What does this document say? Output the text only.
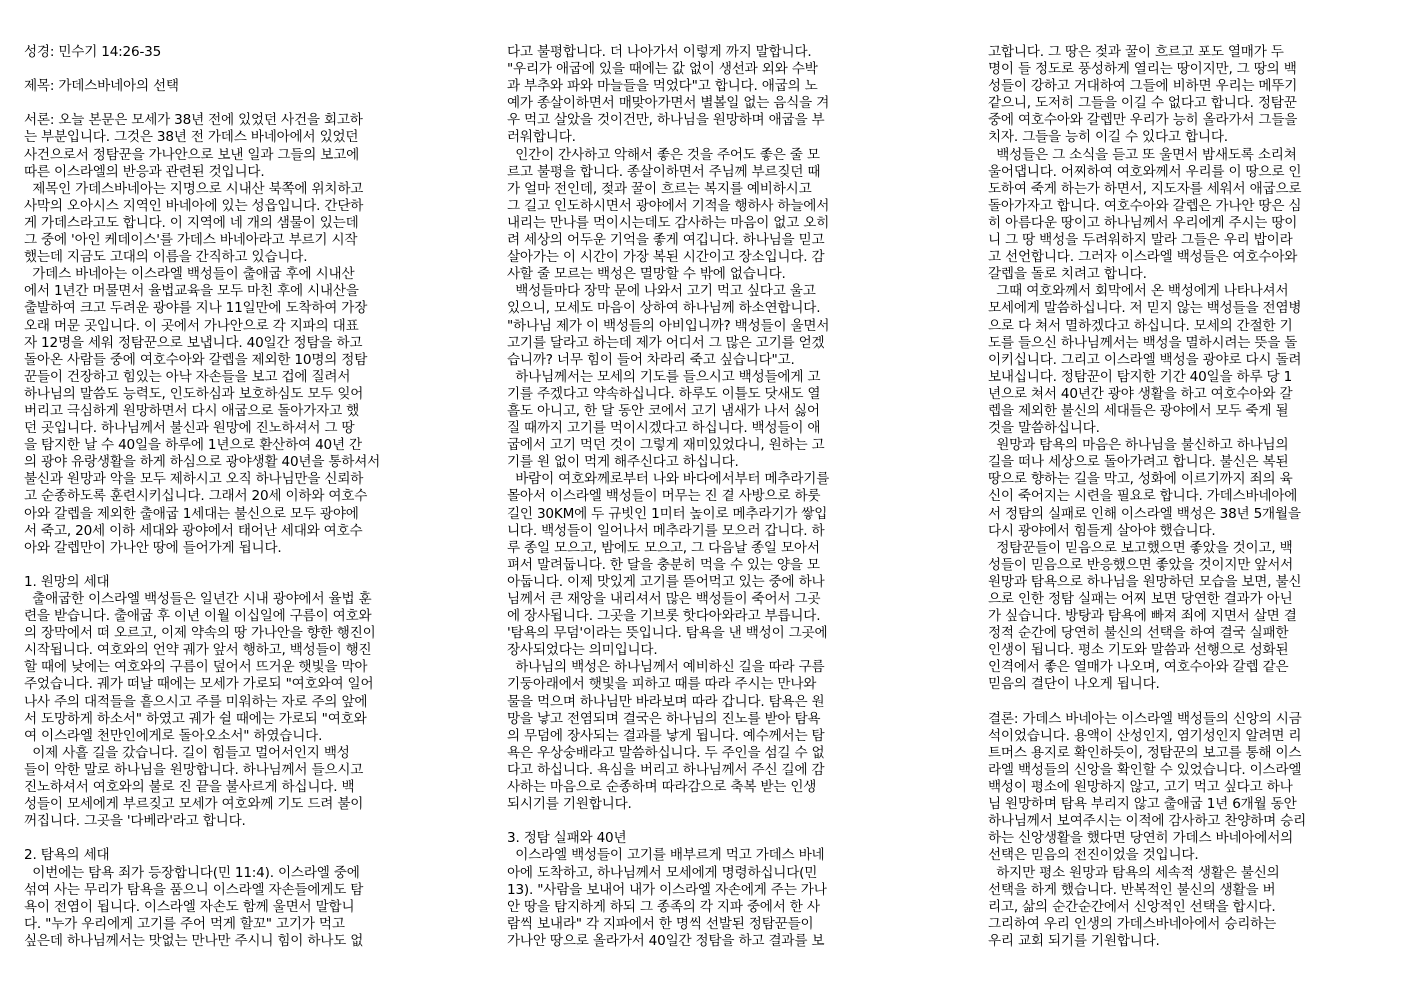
성경: 민수기 14:26-35
제목: 가데스바네아의 선택
서론: 오늘 본문은 모세가 38년 전에 있었던 사건을 회고하
는 부분입니다. 그것은 38년 전 가데스 바네아에서 있었던
사건으로서 정탐꾼을 가나안으로 보낸 일과 그들의 보고에
따른 이스라엘의 반응과 관련된 것입니다.
제목인 가데스바네아는 지명으로 시내산 북쪽에 위치하고
사막의 오아시스 지역인 바네아에 있는 성읍입니다. 간단하
게 가데스라고도 합니다. 이 지역에 네 개의 샘물이 있는데
그 중에 '아인 케데이스'를 가데스 바네아라고 부르기 시작
했는데 지금도 고대의 이름을 간직하고 있습니다.
가데스 바네아는 이스라엘 백성들이 출애굽 후에 시내산
에서 1년간 머물면서 율법교육을 모두 마친 후에 시내산을
출발하여 크고 두려운 광야를 지나 11일만에 도착하여 가장
오래 머문 곳입니다. 이 곳에서 가나안으로 각 지파의 대표
자 12명을 세워 정탐꾼으로 보냅니다. 40일간 정탐을 하고
돌아온 사람들 중에 여호수아와 갈렙을 제외한 10명의 정탐
꾼들이 건장하고 힘있는 아낙 자손들을 보고 겁에 질려서
하나님의 말씀도 능력도, 인도하심과 보호하심도 모두 잊어
버리고 극심하게 원망하면서 다시 애굽으로 돌아가자고 했
던 곳입니다. 하나님께서 불신과 원망에 진노하셔서 그 땅
을 탐지한 날 수 40일을 하루에 1년으로 환산하여 40년 간
의 광야 유랑생활을 하게 하심으로 광야생활 40년을 통하셔서
불신과 원망과 악을 모두 제하시고 오직 하나님만을 신뢰하
고 순종하도록 훈련시키십니다. 그래서 20세 이하와 여호수
아와 갈렙을 제외한 출애굽 1세대는 불신으로 모두 광야에
서 죽고, 20세 이하 세대와 광야에서 태어난 세대와 여호수
아와 갈렙만이 가나안 땅에 들어가게 됩니다.
1. 원망의 세대
출애굽한 이스라엘 백성들은 일년간 시내 광야에서 율법 훈
련을 받습니다. 출애굽 후 이년 이월 이십일에 구름이 여호와
의 장막에서 떠 오르고, 이제 약속의 땅 가나안을 향한 행진이
시작됩니다. 여호와의 언약 궤가 앞서 행하고, 백성들이 행진
할 때에 낮에는 여호와의 구름이 덮어서 뜨거운 햇빛을 막아
주었습니다. 궤가 떠날 때에는 모세가 가로되 "여호와여 일어
나사 주의 대적들을 흩으시고 주를 미워하는 자로 주의 앞에
서 도망하게 하소서" 하였고 궤가 쉴 때에는 가로되 "여호와
여 이스라엘 천만인에게로 돌아오소서" 하였습니다.
이제 사흘 길을 갔습니다. 길이 힘들고 멀어서인지 백성
들이 악한 말로 하나님을 원망합니다. 하나님께서 들으시고
진노하셔서 여호와의 불로 진 끝을 불사르게 하십니다. 백
성들이 모세에게 부르짖고 모세가 여호와께 기도 드려 불이
꺼집니다. 그곳을 '다베라'라고 합니다.
2. 탐욕의 세대
이번에는 탐욕 죄가 등장합니다(민 11:4). 이스라엘 중에
섞여 사는 무리가 탐욕을 품으니 이스라엘 자손들에게도 탐
욕이 전염이 됩니다. 이스라엘 자손도 함께 울면서 말합니
다. "누가 우리에게 고기를 주어 먹게 할꼬" 고기가 먹고
싶은데 하나님께서는 맛없는 만나만 주시니 힘이 하나도 없
다고 불평합니다. 더 나아가서 이렇게 까지 말합니다.
"우리가 애굽에 있을 때에는 값 없이 생선과 외와 수박
과 부추와 파와 마늘들을 먹었다"고 합니다. 애굽의 노
예가 종살이하면서 매맞아가면서 별볼일 없는 음식을 겨
우 먹고 살았을 것이건만, 하나님을 원망하며 애굽을 부
러워합니다.
인간이 간사하고 악해서 좋은 것을 주어도 좋은 줄 모
르고 불평을 합니다. 종살이하면서 주님께 부르짖던 때
가 얼마 전인데, 젖과 꿀이 흐르는 복지를 예비하시고
그 길고 인도하시면서 광야에서 기적을 행하사 하늘에서
내리는 만나를 먹이시는데도 감사하는 마음이 없고 오히
려 세상의 어두운 기억을 좋게 여깁니다. 하나님을 믿고
살아가는 이 시간이 가장 복된 시간이고 장소입니다. 감
사할 줄 모르는 백성은 멸망할 수 밖에 없습니다.
백성들마다 장막 문에 나와서 고기 먹고 싶다고 울고
있으니, 모세도 마음이 상하여 하나님께 하소연합니다.
"하나님 제가 이 백성들의 아비입니까? 백성들이 울면서
고기를 달라고 하는데 제가 어디서 그 많은 고기를 얻겠
습니까? 너무 힘이 들어 차라리 죽고 싶습니다"고.
하나님께서는 모세의 기도를 들으시고 백성들에게 고
기를 주겠다고 약속하십니다. 하루도 이틀도 닷새도 열
흘도 아니고, 한 달 동안 코에서 고기 냄새가 나서 싫어
질 때까지 고기를 먹이시겠다고 하십니다. 백성들이 애
굽에서 고기 먹던 것이 그렇게 재미있었다니, 원하는 고
기를 원 없이 먹게 해주신다고 하십니다.
바람이 여호와께로부터 나와 바다에서부터 메추라기를
몰아서 이스라엘 백성들이 머무는 진 곁 사방으로 하룻
길인 30KM에 두 규빗인 1미터 높이로 메추라기가 쌓입
니다. 백성들이 일어나서 메추라기를 모으러 갑니다. 하
루 종일 모으고, 밤에도 모으고, 그 다음날 종일 모아서
펴서 말려둡니다. 한 달을 충분히 먹을 수 있는 양을 모
아둡니다. 이제 맛있게 고기를 뜯어먹고 있는 중에 하나
님께서 큰 재앙을 내리셔서 많은 백성들이 죽어서 그곳
에 장사됩니다. 그곳을 기브롯 핫다아와라고 부릅니다.
'탐욕의 무덤'이라는 뜻입니다. 탐욕을 낸 백성이 그곳에
장사되었다는 의미입니다.
하나님의 백성은 하나님께서 예비하신 길을 따라 구름
기둥아래에서 햇빛을 피하고 때를 따라 주시는 만나와
물을 먹으며 하나님만 바라보며 따라 갑니다. 탐욕은 원
망을 낳고 전염되며 결국은 하나님의 진노를 받아 탐욕
의 무덤에 장사되는 결과를 낳게 됩니다. 예수께서는 탐
욕은 우상숭배라고 말씀하십니다. 두 주인을 섬길 수 없
다고 하십니다. 욕심을 버리고 하나님께서 주신 길에 감
사하는 마음으로 순종하며 따라감으로 축복 받는 인생
되시기를 기원합니다.
3. 정탐 실패와 40년
이스라엘 백성들이 고기를 배부르게 먹고 가데스 바네
아에 도착하고, 하나님께서 모세에게 명령하십니다(민
13). "사람을 보내어 내가 이스라엘 자손에게 주는 가나
안 땅을 탐지하게 하되 그 종족의 각 지파 중에서 한 사
람씩 보내라" 각 지파에서 한 명씩 선발된 정탐꾼들이
가나안 땅으로 올라가서 40일간 정탐을 하고 결과를 보
고합니다. 그 땅은 젖과 꿀이 흐르고 포도 열매가 두
명이 들 정도로 풍성하게 열리는 땅이지만, 그 땅의 백
성들이 강하고 거대하여 그들에 비하면 우리는 메뚜기
같으니, 도저히 그들을 이길 수 없다고 합니다. 정탐꾼
중에 여호수아와 갈렙만 우리가 능히 올라가서 그들을
치자. 그들을 능히 이길 수 있다고 합니다.
백성들은 그 소식을 듣고 또 울면서 밤새도록 소리쳐
울어댑니다. 어찌하여 여호와께서 우리를 이 땅으로 인
도하여 죽게 하는가 하면서, 지도자를 세워서 애굽으로
돌아가자고 합니다. 여호수아와 갈렙은 가나안 땅은 심
히 아름다운 땅이고 하나님께서 우리에게 주시는 땅이
니 그 땅 백성을 두려워하지 말라 그들은 우리 밥이라
고 선언합니다. 그러자 이스라엘 백성들은 여호수아와
갈렙을 돌로 치려고 합니다.
그때 여호와께서 회막에서 온 백성에게 나타나셔서
모세에게 말씀하십니다. 저 믿지 않는 백성들을 전염병
으로 다 쳐서 멸하겠다고 하십니다. 모세의 간절한 기
도를 들으신 하나님께서는 백성을 멸하시려는 뜻을 돌
이키십니다. 그리고 이스라엘 백성을 광야로 다시 돌려
보내십니다. 정탐꾼이 탐지한 기간 40일을 하루 당 1
년으로 쳐서 40년간 광야 생활을 하고 여호수아와 갈
렙을 제외한 불신의 세대들은 광야에서 모두 죽게 될
것을 말씀하십니다.
원망과 탐욕의 마음은 하나님을 불신하고 하나님의
길을 떠나 세상으로 돌아가려고 합니다. 불신은 복된
땅으로 향하는 길을 막고, 성화에 이르기까지 죄의 육
신이 죽어지는 시련을 필요로 합니다. 가데스바네아에
서 정탐의 실패로 인해 이스라엘 백성은 38년 5개월을
다시 광야에서 힘들게 살아야 했습니다.
정탐꾼들이 믿음으로 보고했으면 좋았을 것이고, 백
성들이 믿음으로 반응했으면 좋았을 것이지만 앞서서
원망과 탐욕으로 하나님을 원망하던 모습을 보면, 불신
으로 인한 정탐 실패는 어찌 보면 당연한 결과가 아닌
가 싶습니다. 방탕과 탐욕에 빠져 죄에 지면서 살면 결
정적 순간에 당연히 불신의 선택을 하여 결국 실패한
인생이 됩니다. 평소 기도와 말씀과 선행으로 성화된
인격에서 좋은 열매가 나오며, 여호수아와 갈렙 같은
믿음의 결단이 나오게 됩니다.
결론: 가데스 바네아는 이스라엘 백성들의 신앙의 시금
석이었습니다. 용액이 산성인지, 염기성인지 알려면 리
트머스 용지로 확인하듯이, 정탐꾼의 보고를 통해 이스
라엘 백성들의 신앙을 확인할 수 있었습니다. 이스라엘
백성이 평소에 원망하지 않고, 고기 먹고 싶다고 하나
님 원망하며 탐욕 부리지 않고 출애굽 1년 6개월 동안
하나님께서 보여주시는 이적에 감사하고 찬양하며 승리
하는 신앙생활을 했다면 당연히 가데스 바네아에서의
선택은 믿음의 전진이었을 것입니다.
하지만 평소 원망과 탐욕의 세속적 생활은 불신의
선택을 하게 했습니다. 반복적인 불신의 생활을 버
리고, 삶의 순간순간에서 신앙적인 선택을 합시다.
그리하여 우리 인생의 가데스바네아에서 승리하는
우리 교회 되기를 기원합니다.
